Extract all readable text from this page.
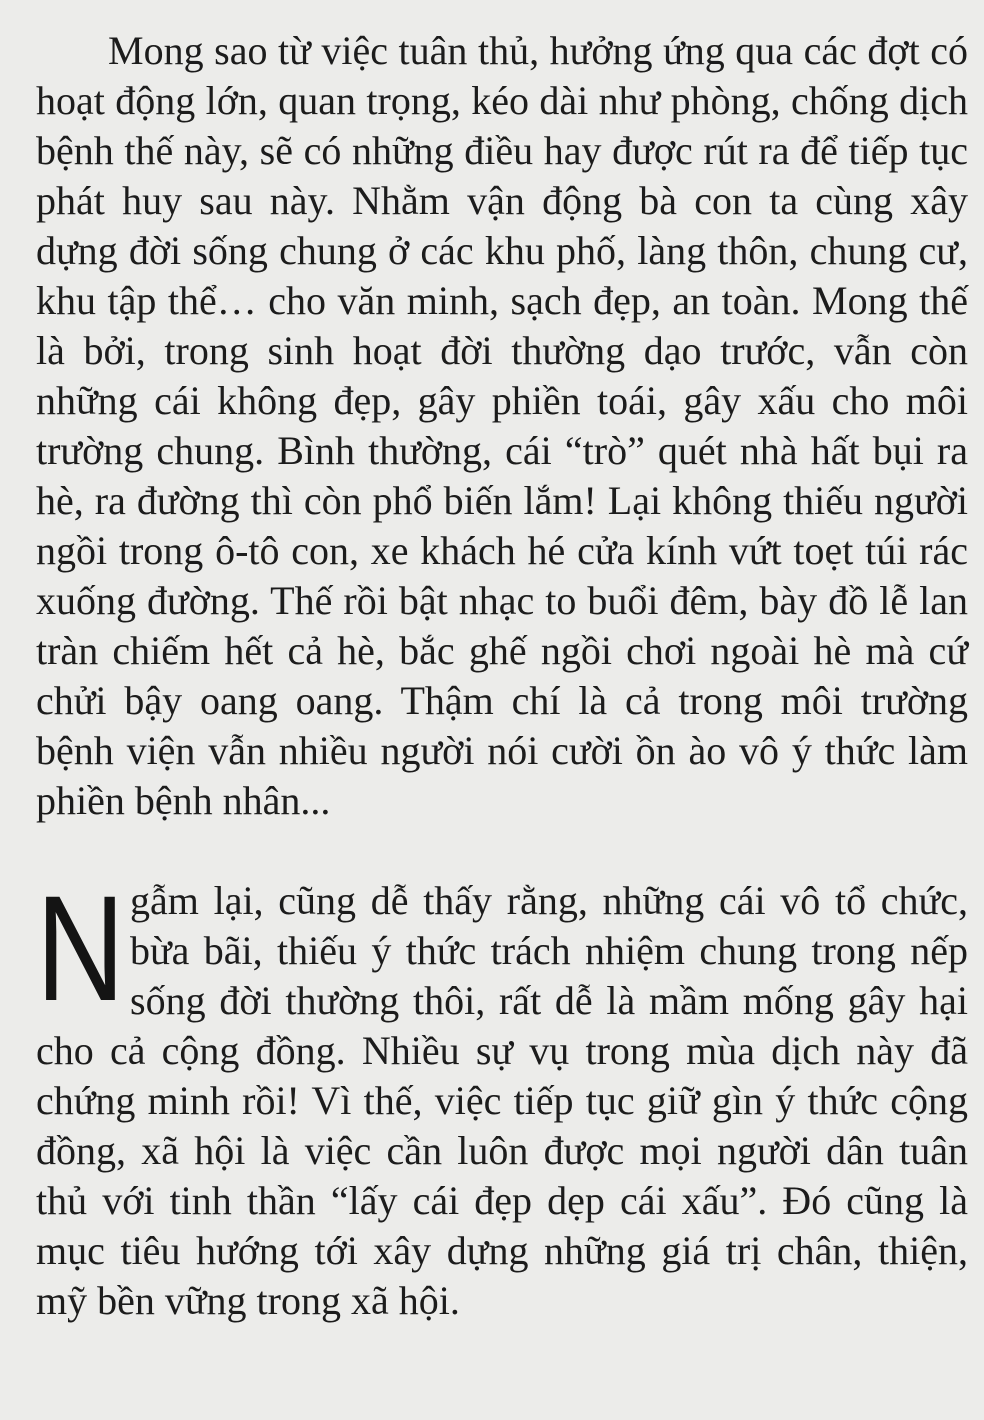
Mong sao từ việc tuân thủ, hưởng ứng qua các đợt có hoạt động lớn, quan trọng, kéo dài như phòng, chống dịch bệnh thế này, sẽ có những điều hay được rút ra để tiếp tục phát huy sau này. Nhằm vận động bà con ta cùng xây dựng đời sống chung ở các khu phố, làng thôn, chung cư, khu tập thể… cho văn minh, sạch đẹp, an toàn. Mong thế là bởi, trong sinh hoạt đời thường dạo trước, vẫn còn những cái không đẹp, gây phiền toái, gây xấu cho môi trường chung. Bình thường, cái “trò” quét nhà hất bụi ra hè, ra đường thì còn phổ biến lắm! Lại không thiếu người ngồi trong ô-tô con, xe khách hé cửa kính vứt toẹt túi rác xuống đường. Thế rồi bật nhạc to buổi đêm, bày đồ lễ lan tràn chiếm hết cả hè, bắc ghế ngồi chơi ngoài hè mà cứ chửi bậy oang oang. Thậm chí là cả trong môi trường bệnh viện vẫn nhiều người nói cười ồn ào vô ý thức làm phiền bệnh nhân...

Ngẫm lại, cũng dễ thấy rằng, những cái vô tổ chức, bừa bãi, thiếu ý thức trách nhiệm chung trong nếp sống đời thường thôi, rất dễ là mầm mống gây hại cho cả cộng đồng. Nhiều sự vụ trong mùa dịch này đã chứng minh rồi! Vì thế, việc tiếp tục giữ gìn ý thức cộng đồng, xã hội là việc cần luôn được mọi người dân tuân thủ với tinh thần “lấy cái đẹp dẹp cái xấu”. Đó cũng là mục tiêu hướng tới xây dựng những giá trị chân, thiện, mỹ bền vững trong xã hội.
